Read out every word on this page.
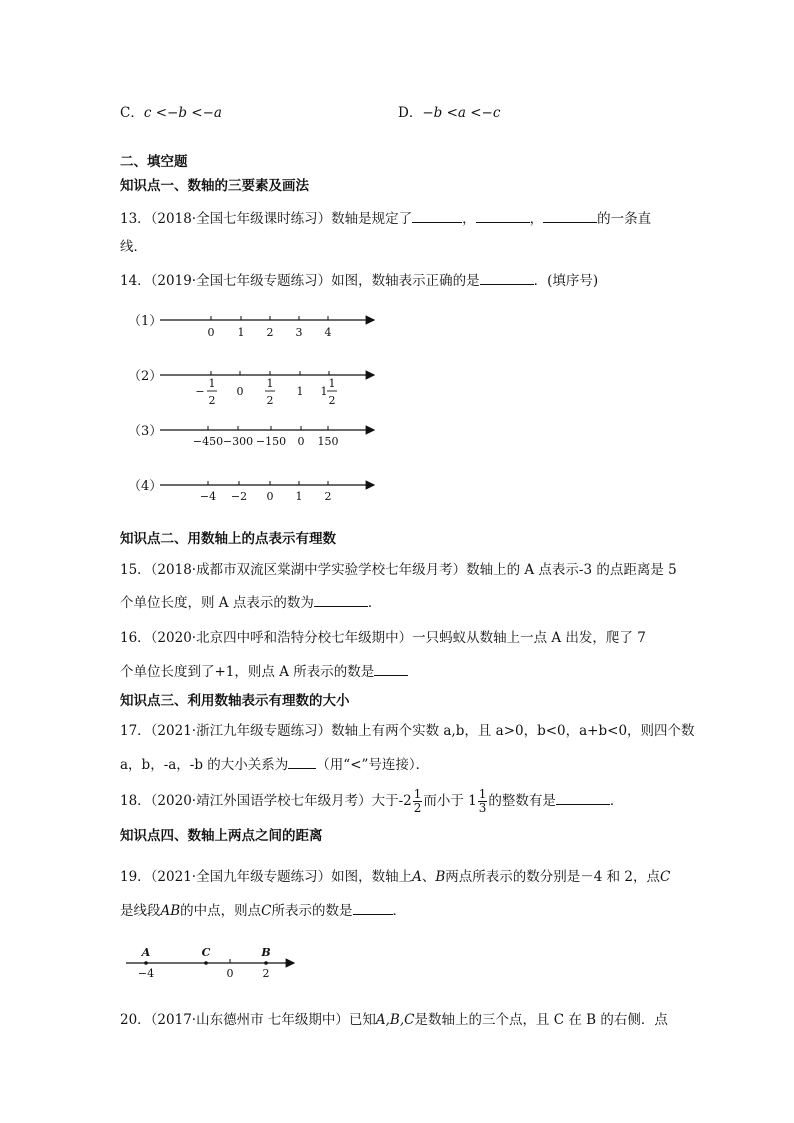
C．c <−b <−a	D．−b <a <−c
二、填空题
知识点一、数轴的三要素及画法
13．（2018·全国七年级课时练习）数轴是规定了	，	，	的一条直
线．
14．（2019·全国七年级专题练习）如图，数轴表示正确的是	．(填序号)
（1）
0 1 2 3 4
（2）
−
1
2
0
1
2
1 1
1
2
（3）
−450 −300 −150 0 150
（4）
−4 −2 0 1 2
知识点二、用数轴上的点表示有理数
15．（2018·成都市双流区棠湖中学实验学校七年级月考）数轴上的 A 点表示-3 的点距离是 5
个单位长度，则 A 点表示的数为	．
16．（2020·北京四中呼和浩特分校七年级期中）一只蚂蚁从数轴上一点 A 出发，爬了 7
个单位长度到了+1，则点 A 所表示的数是
知识点三、利用数轴表示有理数的大小
17．（2021·浙江九年级专题练习）数轴上有两个实数 a,b，且 a>0，b<0，a+b<0，则四个数
a，b，-a，-b 的大小关系为 （用“<”号连接）．
18．（2020·靖江外国语学校七年级月考）大于$-2 \frac{1}{2}$ 而小于 $1 \frac{1}{3}$ 的整数有是	．
知识点四、数轴上两点之间的距离
19．（2021·全国九年级专题练习）如图，数轴上A、B两点所表示的数分别是－4 和 2，点C
是线段AB的中点，则点C所表示的数是	．
A	C	B
−4	0	2
20．（2017·山东德州市 七年级期中）已知A,B,C是数轴上的三个点，且 C 在 B 的右侧．点
